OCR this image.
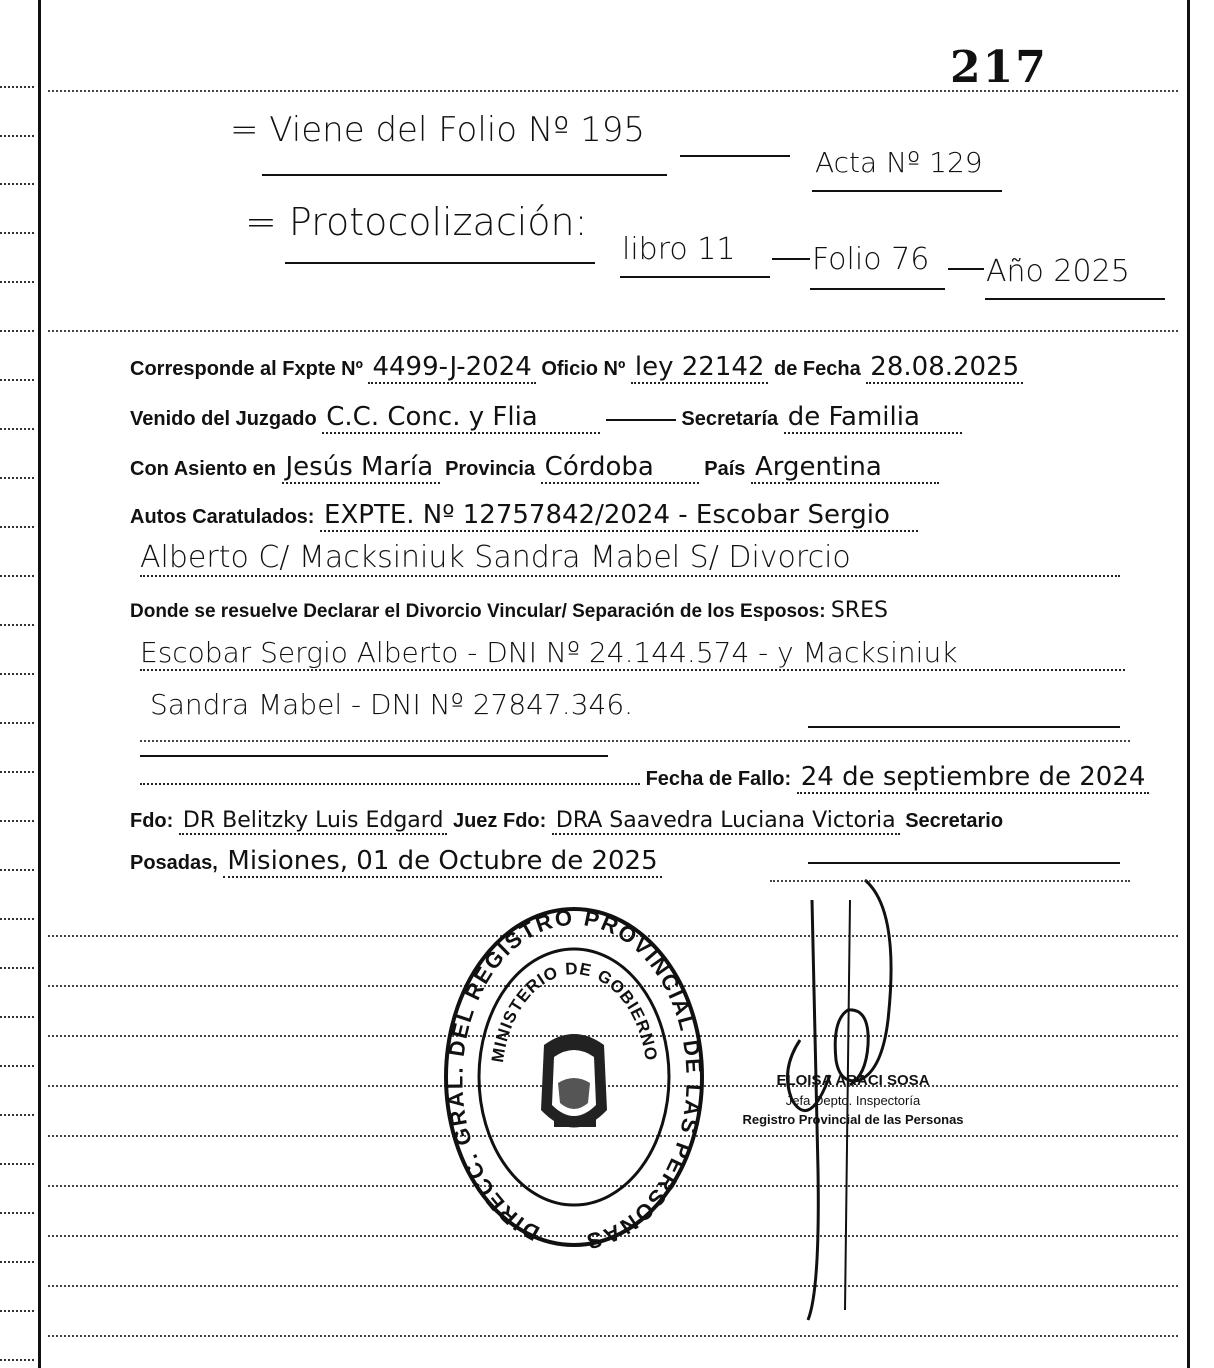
217
= Viene del Folio Nº 195
Acta Nº 129
= Protocolización:
libro 11	Folio 76 Año 2025
Corresponde al Fxpte Nº 4499-J-2024 Oficio Nº ley 22142 de Fecha 28.08.2025
Venido del Juzgado C.C. Conc. y Flia	Secretaría de Familia
Con Asiento en Jesús María Provincia Córdoba	País Argentina
Autos Caratulados: EXPTE. Nº 12757842/2024 - Escobar Sergio
Alberto C/ Macksiniuk Sandra Mabel S/ Divorcio
Donde se resuelve Declarar el Divorcio Vincular/ Separación de los Esposos: SRES
Escobar Sergio Alberto - DNI Nº 24.144.574 - y Macksiniuk
Sandra Mabel - DNI Nº 27847.346.
Fecha de Fallo: 24 de septiembre de 2024
Fdo: DR Belitzky Luis Edgard Juez Fdo: DRA Saavedra Luciana Victoria Secretario
Posadas, Misiones, 01 de Octubre de 2025
DIRECC. GRAL. DEL REGISTRO PROVINCIAL DE LAS PERSONAS
MINISTERIO DE GOBIERNO
ELOISA ARACI SOSA
Jefa Depto. Inspectoría
Registro Provincial de las Personas
